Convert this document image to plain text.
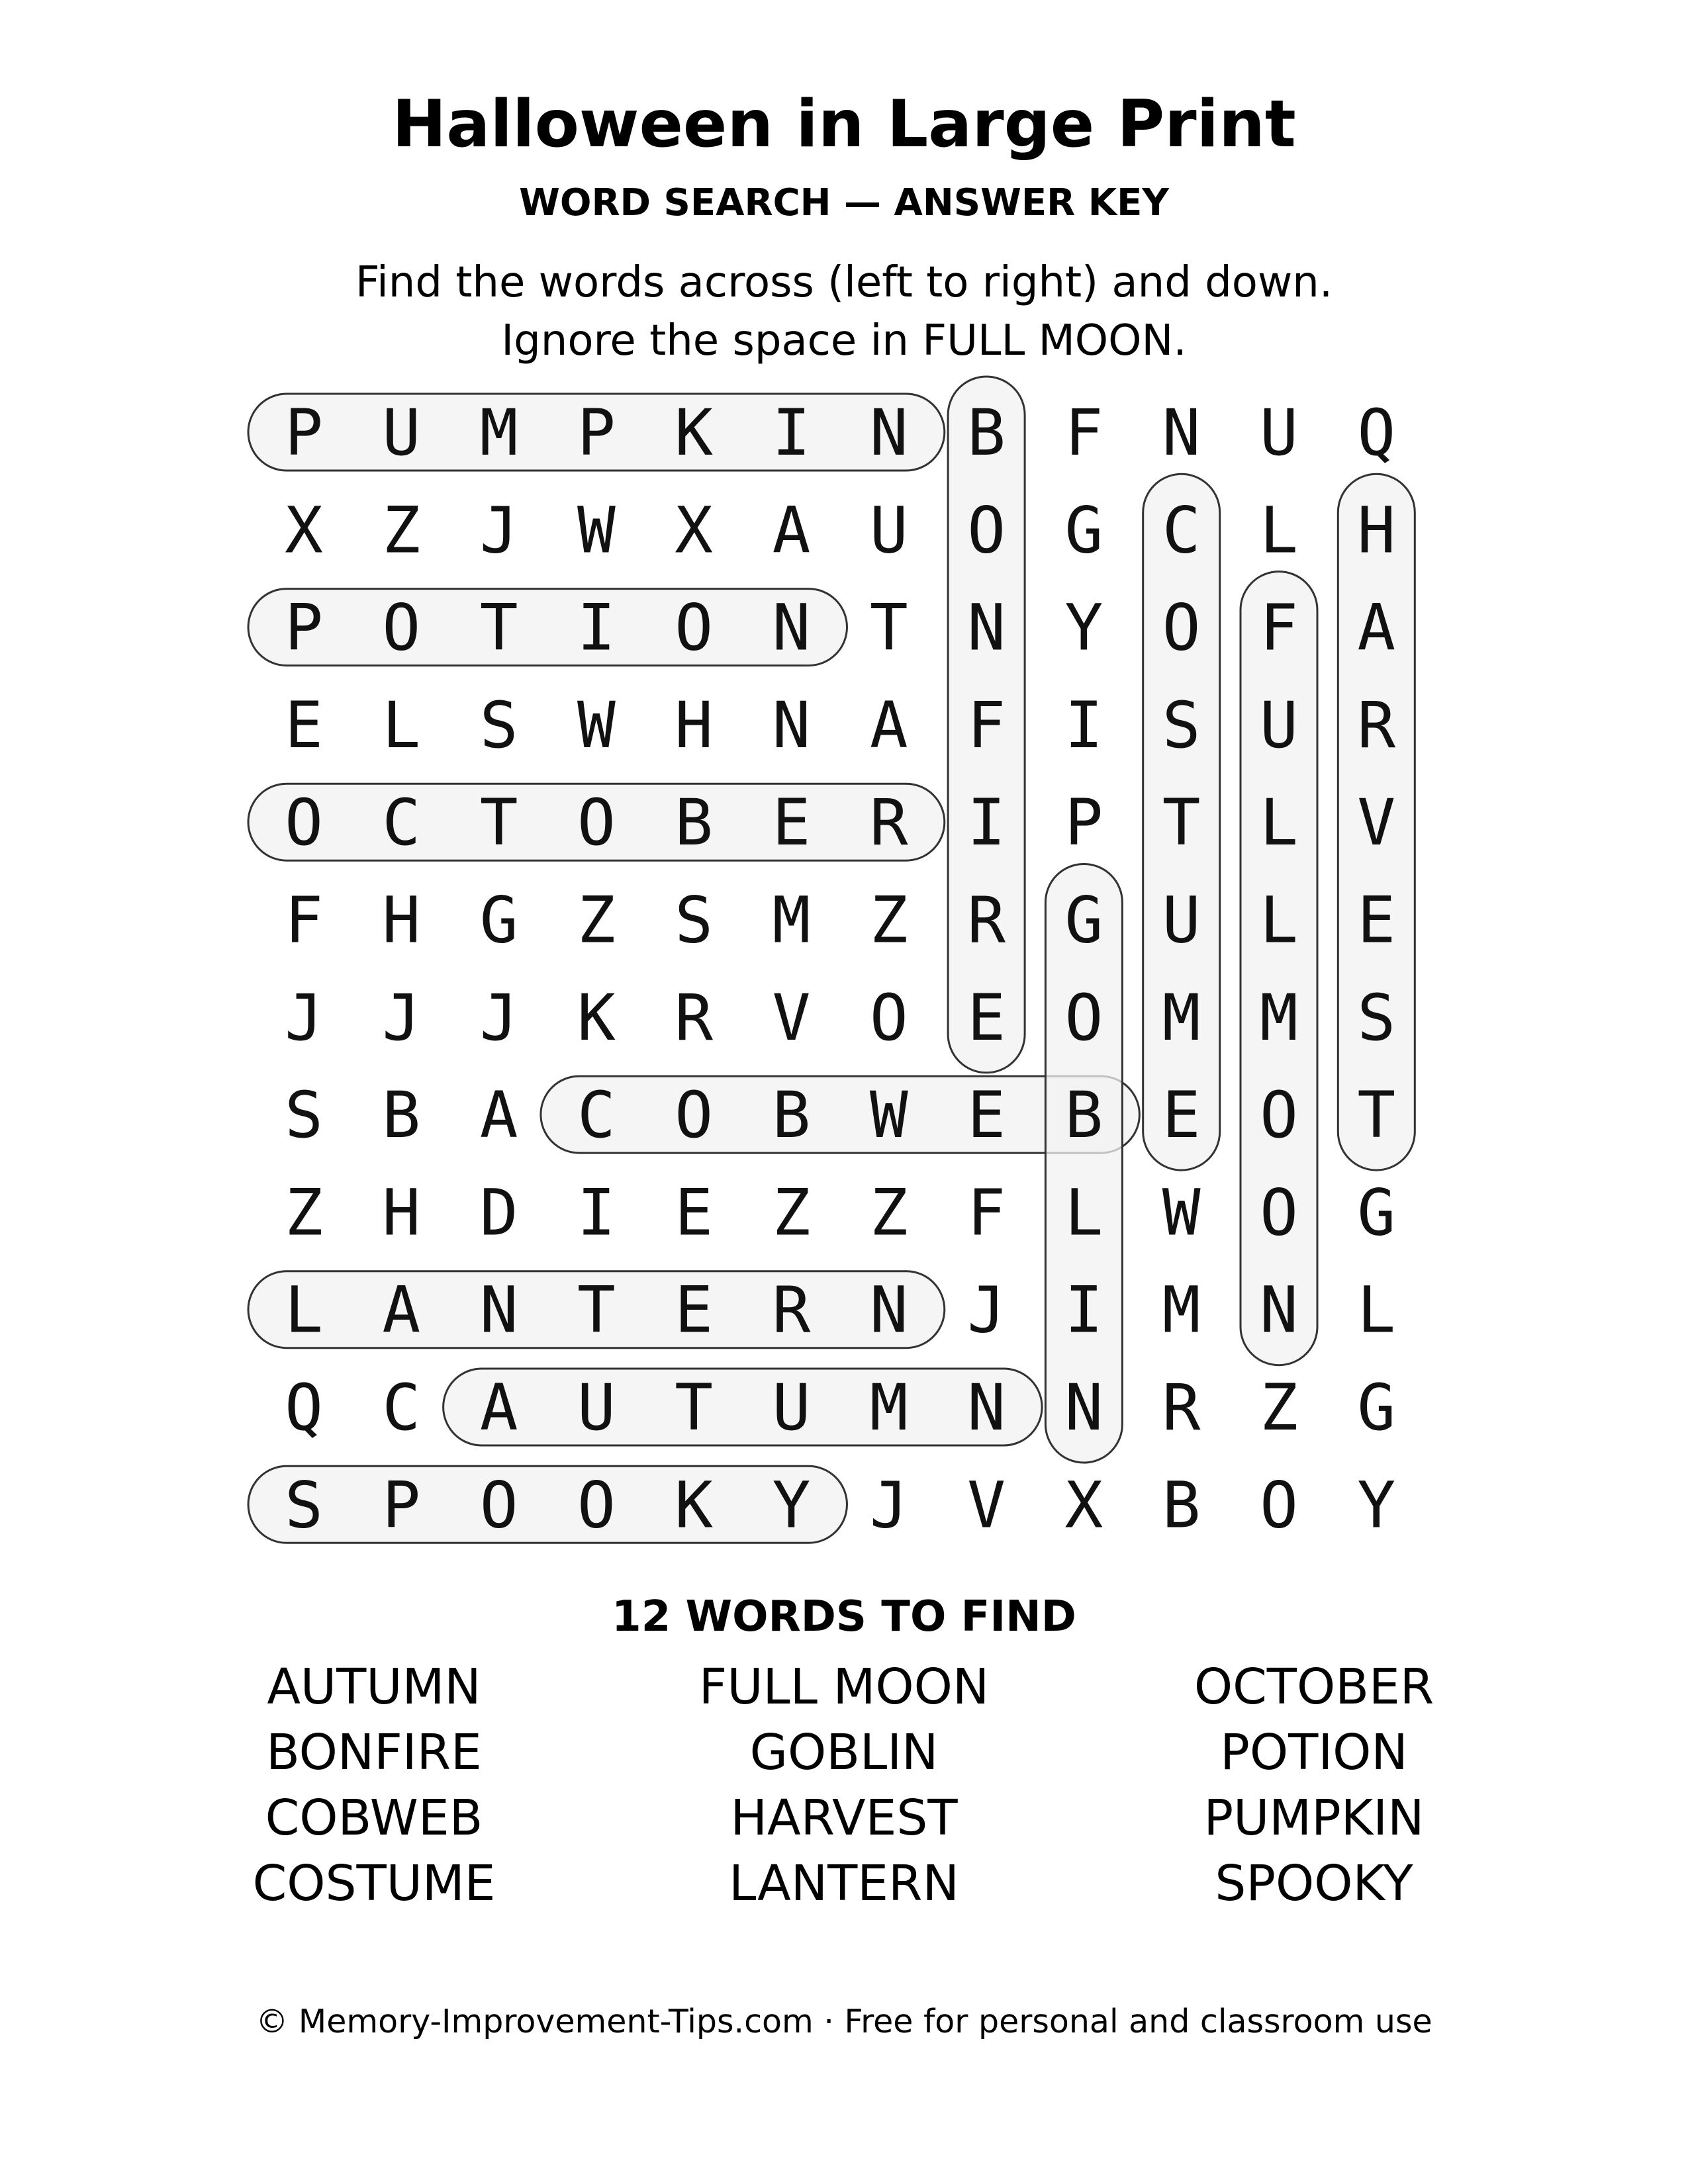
Halloween in Large Print
WORD SEARCH — ANSWER KEY
Find the words across (left to right) and down.
Ignore the space in FULL MOON.
P U M P K I N B F N U Q
X Z J W X A U O G C L H
P O T I O N T N Y O F A
E L S W H N A F I S U R
O C T O B E R I P T L V
F H G Z S M Z R G U L E
J J J K R V O E O M M S
S B A C O B W E B E O T
Z H D I E Z Z F L W O G
L A N T E R N J I M N L
Q C A U T U M N N R Z G
S P O O K Y J V X B O Y
12 WORDS TO FIND
AUTUMN
BONFIRE
COBWEB
COSTUME
FULL MOON
GOBLIN
HARVEST
LANTERN
OCTOBER
POTION
PUMPKIN
SPOOKY
© Memory-Improvement-Tips.com · Free for personal and classroom use
